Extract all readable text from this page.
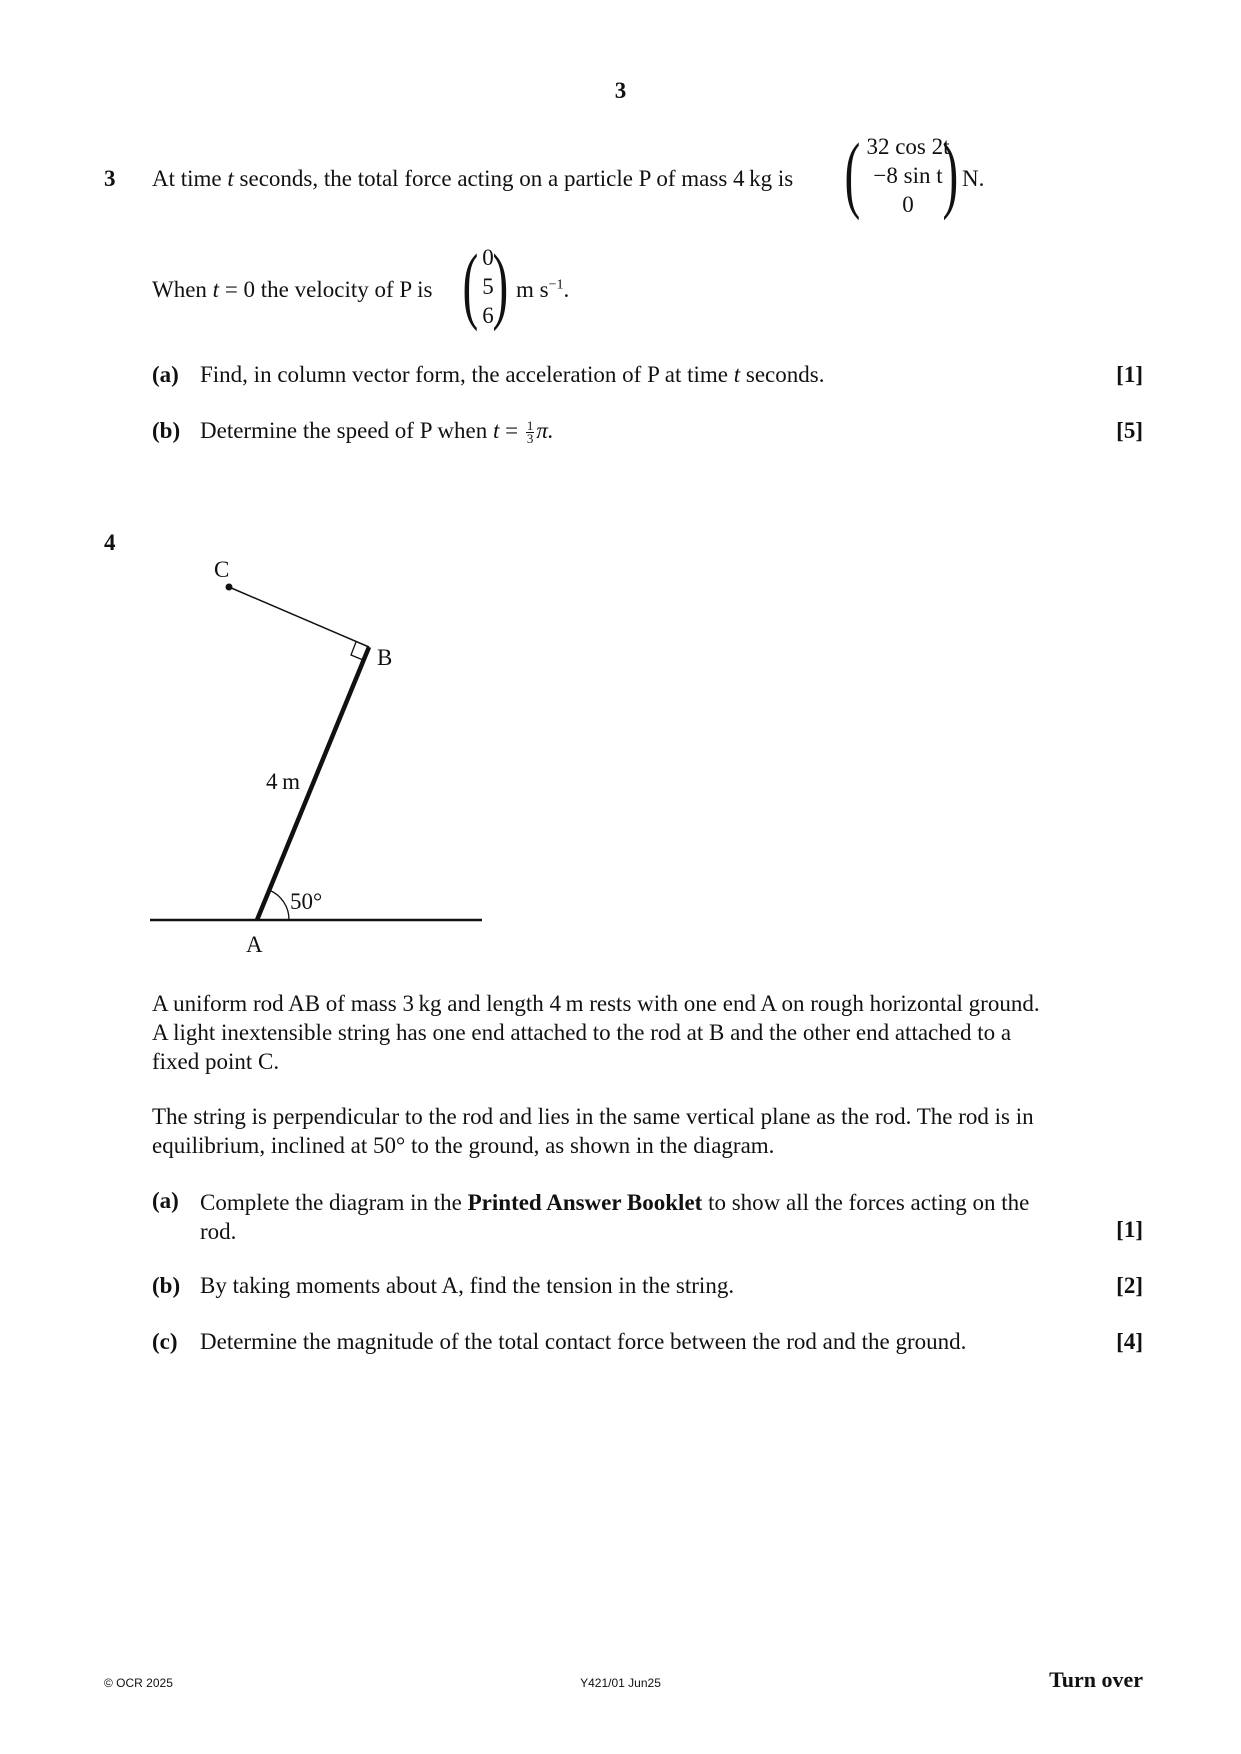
3
3 At time t seconds, the total force acting on a particle P of mass 4 kg is ( 32 cos 2t
−8 sin t
0 ) N.
When t = 0 the velocity of P is ( 0
5
6
) m $s^{-1}$.
(a) Find, in column vector form, the acceleration of P at time t seconds.	[1]
(b) Determine the speed of P when $t = \frac{1}{3} \pi$.	[5]
4
C
B
A
4 m
50°
A uniform rod AB of mass 3 kg and length 4 m rests with one end A on rough horizontal ground.
A light inextensible string has one end attached to the rod at B and the other end attached to a
fixed point C.
The string is perpendicular to the rod and lies in the same vertical plane as the rod. The rod is in
equilibrium, inclined at 50° to the ground, as shown in the diagram.
(a) Complete the diagram in the Printed Answer Booklet to show all the forces acting on the
rod.	[1]
(b) By taking moments about A, find the tension in the string.	[2]
(c) Determine the magnitude of the total contact force between the rod and the ground.	[4]
© OCR 2025	Y421/01 Jun25	Turn over
